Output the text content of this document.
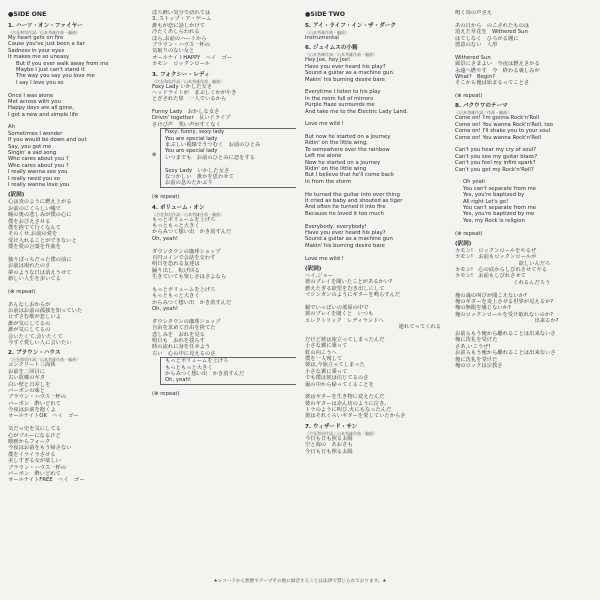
●SIDE ONE
1. ハーツ・オン・ファイヤー
（吉見和男作詞／山本秀雄作曲・編曲）
My heart gets on fire
Cause you've just been a liar
Sadness in your eyes
It makes me so uneasy
But if you ever walk away from me
Maybe I just can't stand it
The way you say you love me
I say I love you so
Once I was alone
Met across with you
Happy days are all gone,
I got a new and simple life
Ah
Sometimes I wonder
If you would be down and out
Say, you got me
Singin' a sad song
Who cares about you ?
Who cares about you ?
I really wanna see you
I really need you so
I really wanna love you
(訳詞)
心は炎のように燃え上がる
お前のにくらしい嘘で
瞳の奥の悲しみが僕の心に
僕をおびえさせる
僕を捨てて行くなんて
そのくせ,お前の愛を
受け入れることができないと
僕を愛の言葉を作曲を
独りぼっちだった僕の前に
お前は現れたのさ
夢のような日は消えうせて
新しい人生を歩いてる
(⊗ repeat)
あんなしおからが
お前はお前の孤独を知っていた
ロずさむ歌が悲しいよ
誰が気にしてるの
誰が気にしてるの
会いたくて,会いたくて
今すぐ愛しい人に会いたい
2. ブラウン・ハウス
（吉見和男作詞／山本秀雄作曲・編曲）
コンクリート三面体
お前を二回目に
古い故郷のギタ
白い壁と日差しを
バーボンの味と
ブラウン・ハウス一杯の
バーボン　酔いどれて
今夜はお前を抱くよ
オールナイトOK　ヘイ　ゴー
気だっ史を気にしてる
心がブルーになるけど
映画からフォーク
今夜はお前をもう帰さない
僕をイライラさせる
美しすぎる女が欲しい
ブラウン・ハウス一杯の
バーボン　酔いどれて
オールナイトFREE　ヘイ　ゴー
ほろ酔い気分で訪れては
3. ストップ・ア・ゲーム
誰もが恋に話しかけて
冷たくあしらわれる
ほら,お前のハートから
ブラウン・ハウス一杯の
気取りのない女と
オールナイトHAPPY　ヘイ　ゴー
カモン　ロックンロール
3. フォクシー・レディ
（吉見和男作詞／山本秀雄作曲・編曲）
Foxy Lady いかした女さ
ヘッドライトが　まぶしくかがやき
とざされた扉　一人でいるから
Funny Lady　おかしな女さ
Drivin' together　長いドライブ
さけび声　笑い声がすくなく
⊗
Foxy, funny, sexy lady
You are special lady
まぶしい視線でうつむく　お前のひとみ
You are special lady
いつまでも　お前のひとみに恋をする
Sexy Lady　いかした女さ
なつかしい　誰かを思わせて
お前の息のたかぶり
(⊗ repeat)
4. ボリューム・オン
（吉見和男作詞／山本秀雄作曲・編曲）
もっとボリュームを上げろ
もっともっと大きく
からみつく想い出　かき消すんだ
Oh, yeah!
ダウンタウンの珈琲ショップ
百円コインで会話を交わす
明日を恐れる友達は
踊り出し　転げ回る
生きていても楽しさはさよなら
もっとボリュームを上げろ
もっともっと大きく
からみつく想い出　かき消すんだ
Oh, yeah!
ダウンタウンの珈琲ショップ
自由を求めて自由を捨てた
悲しみを　おれを見る
明日も　おれを揺らす
時の流れに身を任せよう
古い　心の中に見えるのさ
もっとボリュームを上げろ
もっともっと大きく
からみつく想い出　かき消すんだ
Oh, yeah!
(⊗ repeat)
●SIDE TWO
5. アイ・ライフ・イン・ザ・ダーク
（山本秀雄作曲・編曲）
Instrumental
6. ジェイムスの小箱
（山本秀雄作詞／山本秀雄作曲・編曲）
Hey Joe, hey Joe!
Have you ever heard his play?
Sound a guitar as a machine gun.
Makin' his burning desire bare
Everytime I listen to his play
In the room full of mirrors
Purple Haze surrounds me
And take me to the Electric Lady Land.
Love me wild !
But now he started on a journey
Ridin' on the little wing,
To somewhere over the rainbow
Left me alone
Now he started on a journey
Ridin' on the little wing
But I believe that he'll come back
In from the storm
He turned the guitar into over thing
It cried as baby and shouted as tiger
And often he turned it into fire
Because he loved it too much
Everybody, everybody!
Have you ever heard his play?
Sound a guitar as a machine gun
Makin' his burning desire bare
Love me wild !
(訳詞)
ヘイ,ジョー
彼のプレイを聞いたことがあるかい?
燃えたぎる欲望をむき出しにして
マシンガンのようにギターを鳴らすんだ
鏡でいっぱいの部屋の中で
彼のプレイを聞くと　いつも
エレクトリック　レディランドへ
連れてってくれる
だけど彼は旅立ってしまったんだ
小さな翼に乗って
虹の向こうへ
僕を一人残して
彼は,今旅立ってしまった
小さな翼に乗って
でも僕は彼は信じてるのさ
嵐の中から帰ってくることを
彼はギターを生き物に変えたんだ
彼のギターは赤ん坊のように泣き,
トラのように叫び,火にもなったんだ
彼はそれくらいギターを愛していたからさ
7. ウィザード・サン
（吉見和男作詞／山本秀雄作曲・編曲）
今日も日も照る太陽
空と海の　あおさも
今日も日も照る太陽
鳴く鳥の声さえ
あの日から　のこされたものは
消えた草花を　Withered Sun
はてしなく　ひろがる闇に
悪意のない　人形
Withered Sun
風景にさまよい　今夜は燃えさかる
永遠へ燃やす　今　終わる裏しみが
What?　Begin?
そこから俺は始まるってことさ
(⊗ repeat)
8. バクウワのテーマ
（山本秀雄作詞／作曲・編曲）
Come on! I'm gonna Rock'n'Roll
Come on! You wanna Rock'n'Roll, too
Come on! I'll shake you to your soul
Come on! You wanna Rock'n'Roll
Can't you hear my cry of soul?
Can't you see my guitar blaze?
Can't you feel my infini spark?
Can't you get my Rock'n'Roll?
Oh yeah
You can't separate from me
Yes, you're baptized by
All right Let's go!
You can't separate from me
Yes, you're baptized by me
Yes, my Rock is religion
(⊗ repeat)
(訳詞)
カモン!　ロックンロールをやるぜ
カモン!　お前もロックンロールが
　　　　　　　　　　　　欲しいんだろ
カモン!　心の底からしびれさせてやる
カモン!　お前もしびれさせて
　　　　　　　　　　　くれるんだろう
俺の魂の叫びが聞こえないか?
俺のギターを炎上させる世界が見えるか?
俺の無限を感じないか?
俺のロックンロールを受け取れないのか?
　　　　　　　　　　　　　　　出来るか?
お前らもう俺から離れることは出来ないさ
俺に洗礼を受けた
さあ,いこうぜ!
お前らもう俺から離れることは出来ないさ
俺に洗礼を受けた
俺のロックは宗教さ
★レコードから無断でテープその他に録音することは法律で禁じられております。★
